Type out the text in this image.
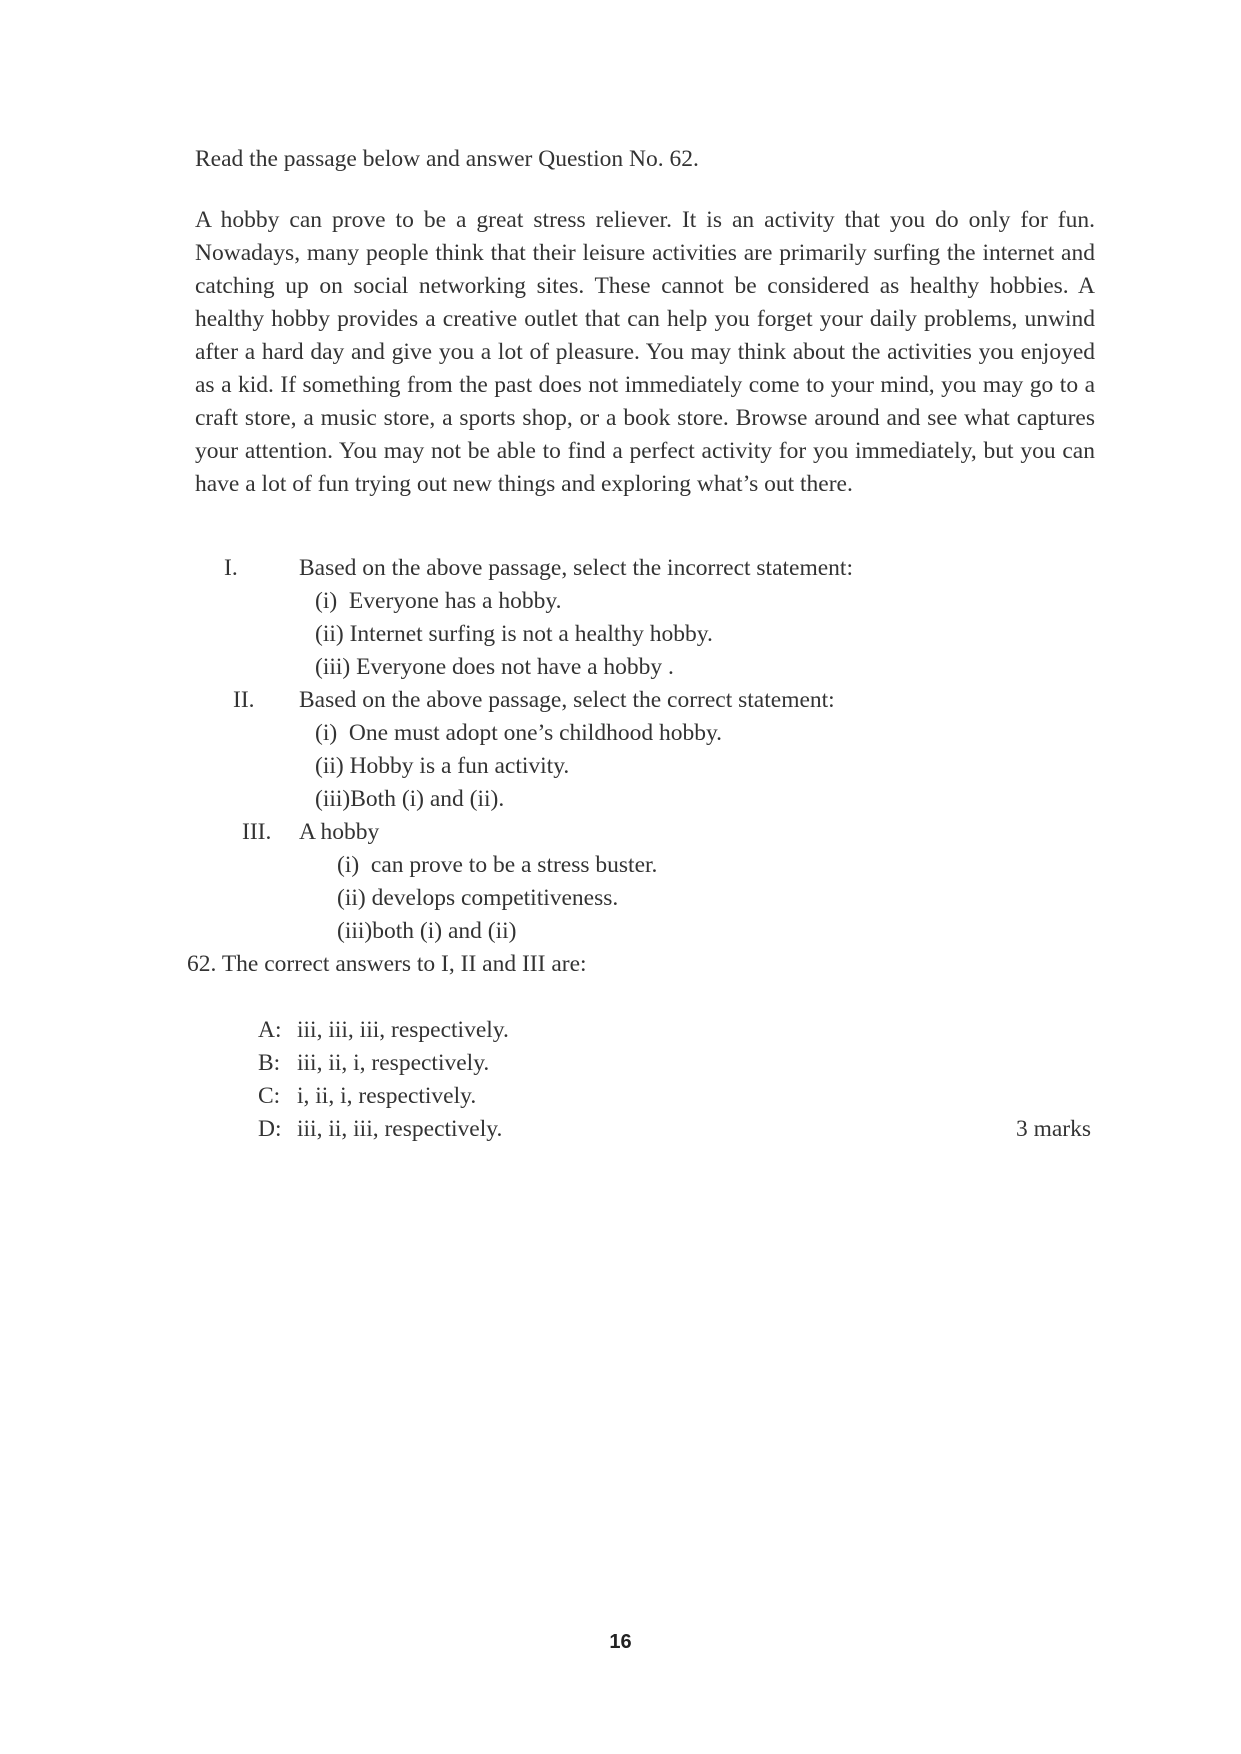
Read the passage below and answer Question No. 62.
A hobby can prove to be a great stress reliever. It is an activity that you do only for fun. Nowadays, many people think that their leisure activities are primarily surfing the internet and catching up on social networking sites. These cannot be considered as healthy hobbies. A healthy hobby provides a creative outlet that can help you forget your daily problems, unwind after a hard day and give you a lot of pleasure. You may think about the activities you enjoyed as a kid. If something from the past does not immediately come to your mind, you may go to a craft store, a music store, a sports shop, or a book store. Browse around and see what captures your attention. You may not be able to find a perfect activity for you immediately, but you can have a lot of fun trying out new things and exploring what’s out there.
I.	Based on the above passage, select the incorrect statement:
(i)  Everyone has a hobby.
(ii) Internet surfing is not a healthy hobby.
(iii) Everyone does not have a hobby .
II. Based on the above passage, select the correct statement:
(i)  One must adopt one’s childhood hobby.
(ii) Hobby is a fun activity.
(iii)Both (i) and (ii).
III. A hobby
(i)  can prove to be a stress buster.
(ii) develops competitiveness.
(iii)both (i) and (ii)
62. The correct answers to I, II and III are:
A: iii, iii, iii, respectively.
B: iii, ii, i, respectively.
C: i, ii, i, respectively.
D: iii, ii, iii, respectively.	3 marks
16
